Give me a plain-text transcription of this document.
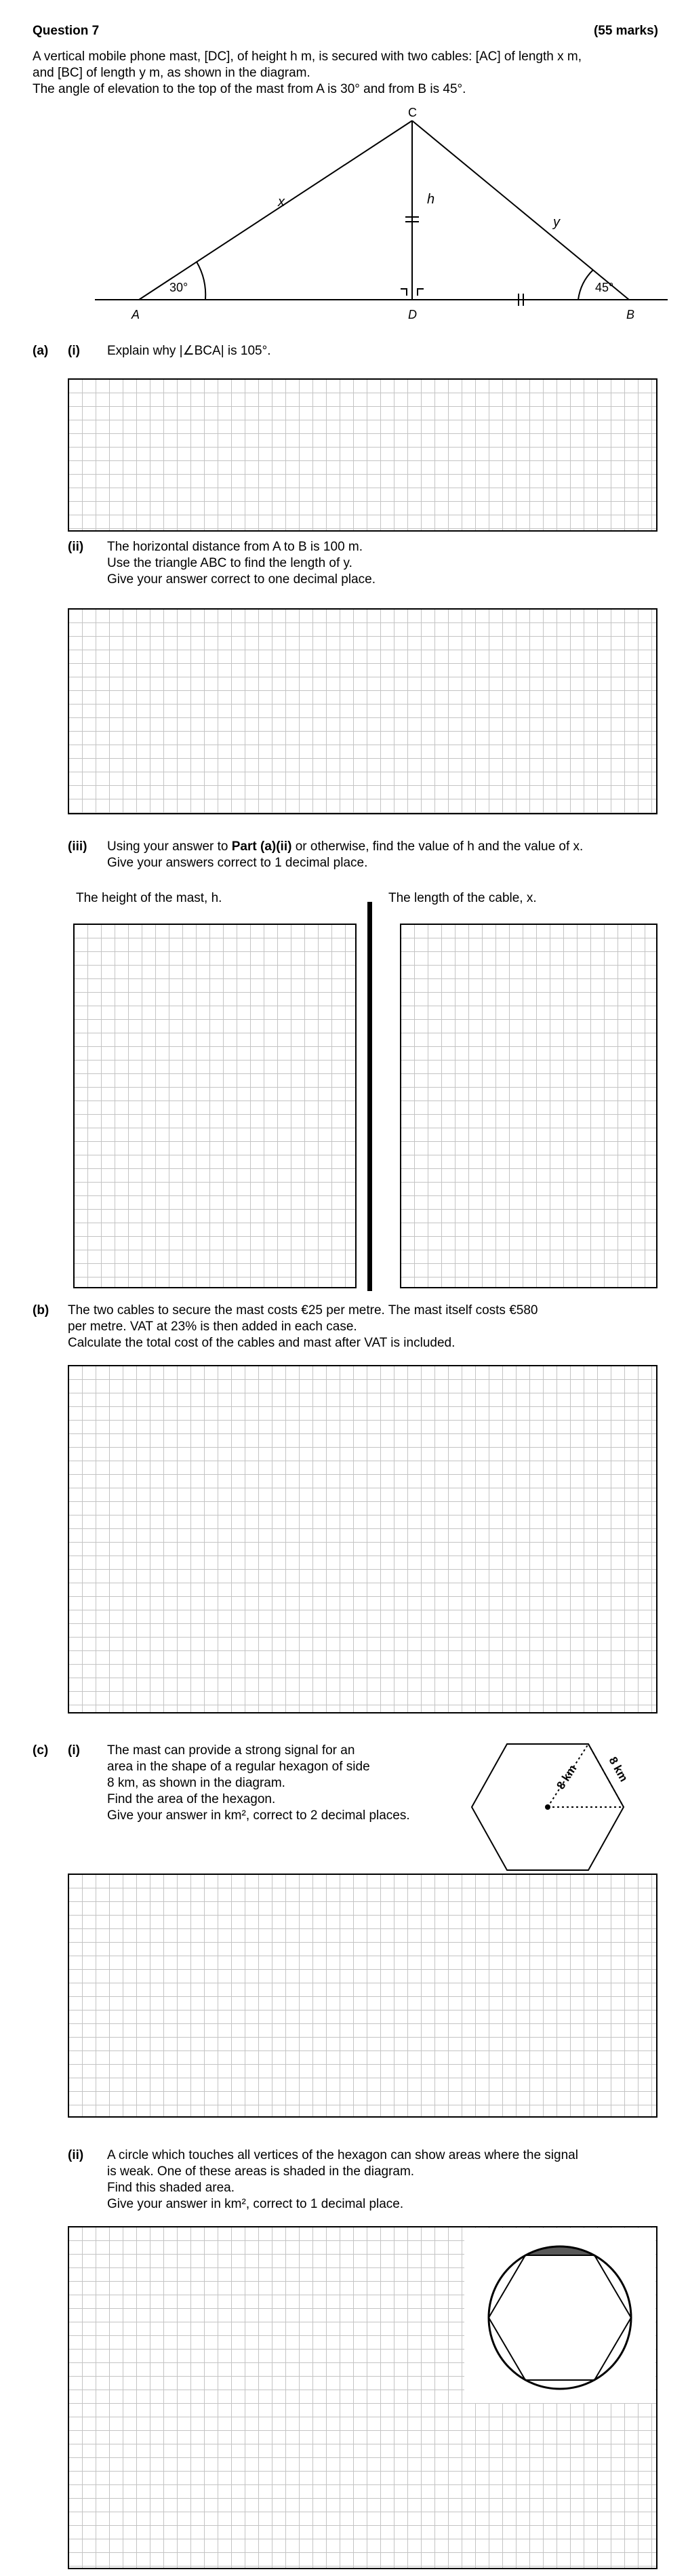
Question 7	(55 marks)
A vertical mobile phone mast, [DC], of height h m, is secured with two cables: [AC] of length x m,
and [BC] of length y m, as shown in the diagram.
The angle of elevation to the top of the mast from A is 30° and from B is 45°.
C
A	D	B
x
y
h
30°	45°
(a) (i) Explain why |∠BCA| is 105°.
(ii) The horizontal distance from A to B is 100 m.
Use the triangle ABC to find the length of y.
Give your answer correct to one decimal place.
(iii) Using your answer to Part (a)(ii) or otherwise, find the value of h and the value of x.
Give your answers correct to 1 decimal place.
The height of the mast, h.	The length of the cable, x.
(b) The two cables to secure the mast costs €25 per metre. The mast itself costs €580
per metre. VAT at 23% is then added in each case.
Calculate the total cost of the cables and mast after VAT is included.
(c) (i) The mast can provide a strong signal for an
area in the shape of a regular hexagon of side
8 km, as shown in the diagram.
Find the area of the hexagon.
Give your answer in km², correct to 2 decimal places.
8 km 8 km
(ii) A circle which touches all vertices of the hexagon can show areas where the signal
is weak. One of these areas is shaded in the diagram.
Find this shaded area.
Give your answer in km², correct to 1 decimal place.
